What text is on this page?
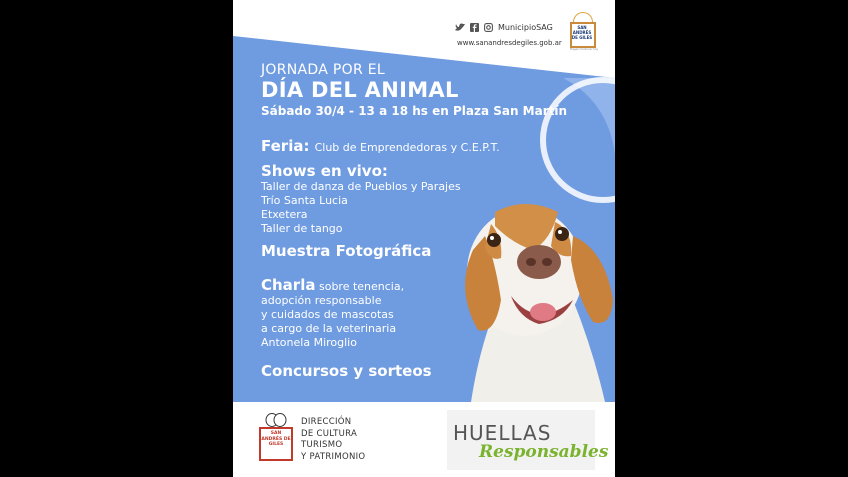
MunicipioSAG
www.sanandresdegiles.gob.ar
SAN ANDRÉS DE GILES
Hagan historia hoy
JORNADA POR EL
DÍA DEL ANIMAL
Sábado 30/4 - 13 a 18 hs en Plaza San Martín
Feria: Club de Emprendedoras y C.E.P.T.
Shows en vivo:
Taller de danza de Pueblos y Parajes
Trío Santa Lucia
Etxetera
Taller de tango
Muestra Fotográfica
Charla sobre tenencia,
adopción responsable
y cuidados de mascotas
a cargo de la veterinaria
Antonela Miroglio
Concursos y sorteos
SAN ANDRÉS DE GILES
DIRECCIÓN
DE CULTURA
TURISMO
Y PATRIMONIO
HUELLAS
Responsables
